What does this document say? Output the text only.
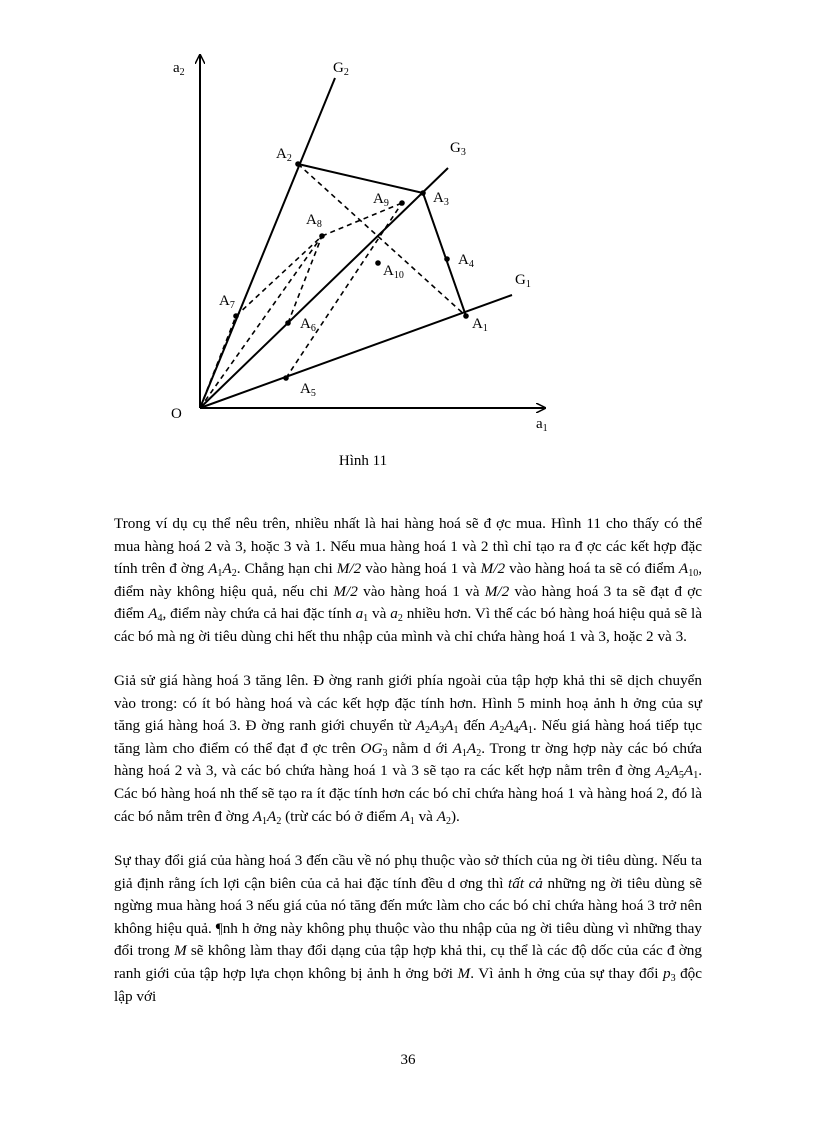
$a_2$
$a_1$
O
$G_2$
$G_3$
$G_1$
$A_2$
$A_3$
$A_9$
$A_8$
$A_4$
$A_{10}$
$A_7$
$A_6$	$A_1$
$A_5$
Hình 11

Trong ví dụ cụ thể nêu trên, nhiều nhất là hai hàng hoá sẽ đ ợc mua. Hình 11 cho thấy có thể mua hàng hoá 2 và 3, hoặc 3 và 1. Nếu mua hàng hoá 1 và 2 thì chỉ tạo ra đ ợc các kết hợp đặc tính trên đ ờng $A_1A_2$. Chẳng hạn chi M/2 vào hàng hoá 1 và M/2 vào hàng hoá ta sẽ có điểm $A_{10}$, điểm này không hiệu quả, nếu chi M/2 vào hàng hoá 1 và M/2 vào hàng hoá 3 ta sẽ đạt đ ợc điểm $A_4$, điểm này chứa cả hai đặc tính $a_1$ và $a_2$ nhiều hơn. Vì thế các bó hàng hoá hiệu quả sẽ là các bó mà ng ời tiêu dùng chi hết thu nhập của mình và chỉ chứa hàng hoá 1 và 3, hoặc 2 và 3.

Giả sử giá hàng hoá 3 tăng lên. Đ ờng ranh giới phía ngoài của tập hợp khả thi sẽ dịch chuyển vào trong: có ít bó hàng hoá và các kết hợp đặc tính hơn. Hình 5 minh hoạ ảnh h ởng của sự tăng giá hàng hoá 3. Đ ờng ranh giới chuyển từ $A_2A_3A_1$ đến $A_2A_4A_1$. Nếu giá hàng hoá tiếp tục tăng làm cho điểm có thể đạt đ ợc trên $OG_3$ nằm d ới $A_1A_2$. Trong tr ờng hợp này các bó chứa hàng hoá 2 và 3, và các bó chứa hàng hoá 1 và 3 sẽ tạo ra các kết hợp nằm trên đ ờng $A_2A_5A_1$. Các bó hàng hoá nh thế sẽ tạo ra ít đặc tính hơn các bó chỉ chứa hàng hoá 1 và hàng hoá 2, đó là các bó nằm trên đ ờng $A_1A_2$ (trừ các bó ở điểm $A_1$ và $A_2$).

Sự thay đổi giá của hàng hoá 3 đến cầu về nó phụ thuộc vào sở thích của ng ời tiêu dùng. Nếu ta giả định rằng ích lợi cận biên của cả hai đặc tính đều d ơng thì tất cả những ng ời tiêu dùng sẽ ngừng mua hàng hoá 3 nếu giá của nó tăng đến mức làm cho các bó chỉ chứa hàng hoá 3 trở nên không hiệu quả. ¶nh h ởng này không phụ thuộc vào thu nhập của ng ời tiêu dùng vì những thay đổi trong M sẽ không làm thay đổi dạng của tập hợp khả thi, cụ thể là các độ dốc của các đ ờng ranh giới của tập hợp lựa chọn không bị ảnh h ởng bởi M. Vì ảnh h ởng của sự thay đổi $p_3$ độc lập với

36
